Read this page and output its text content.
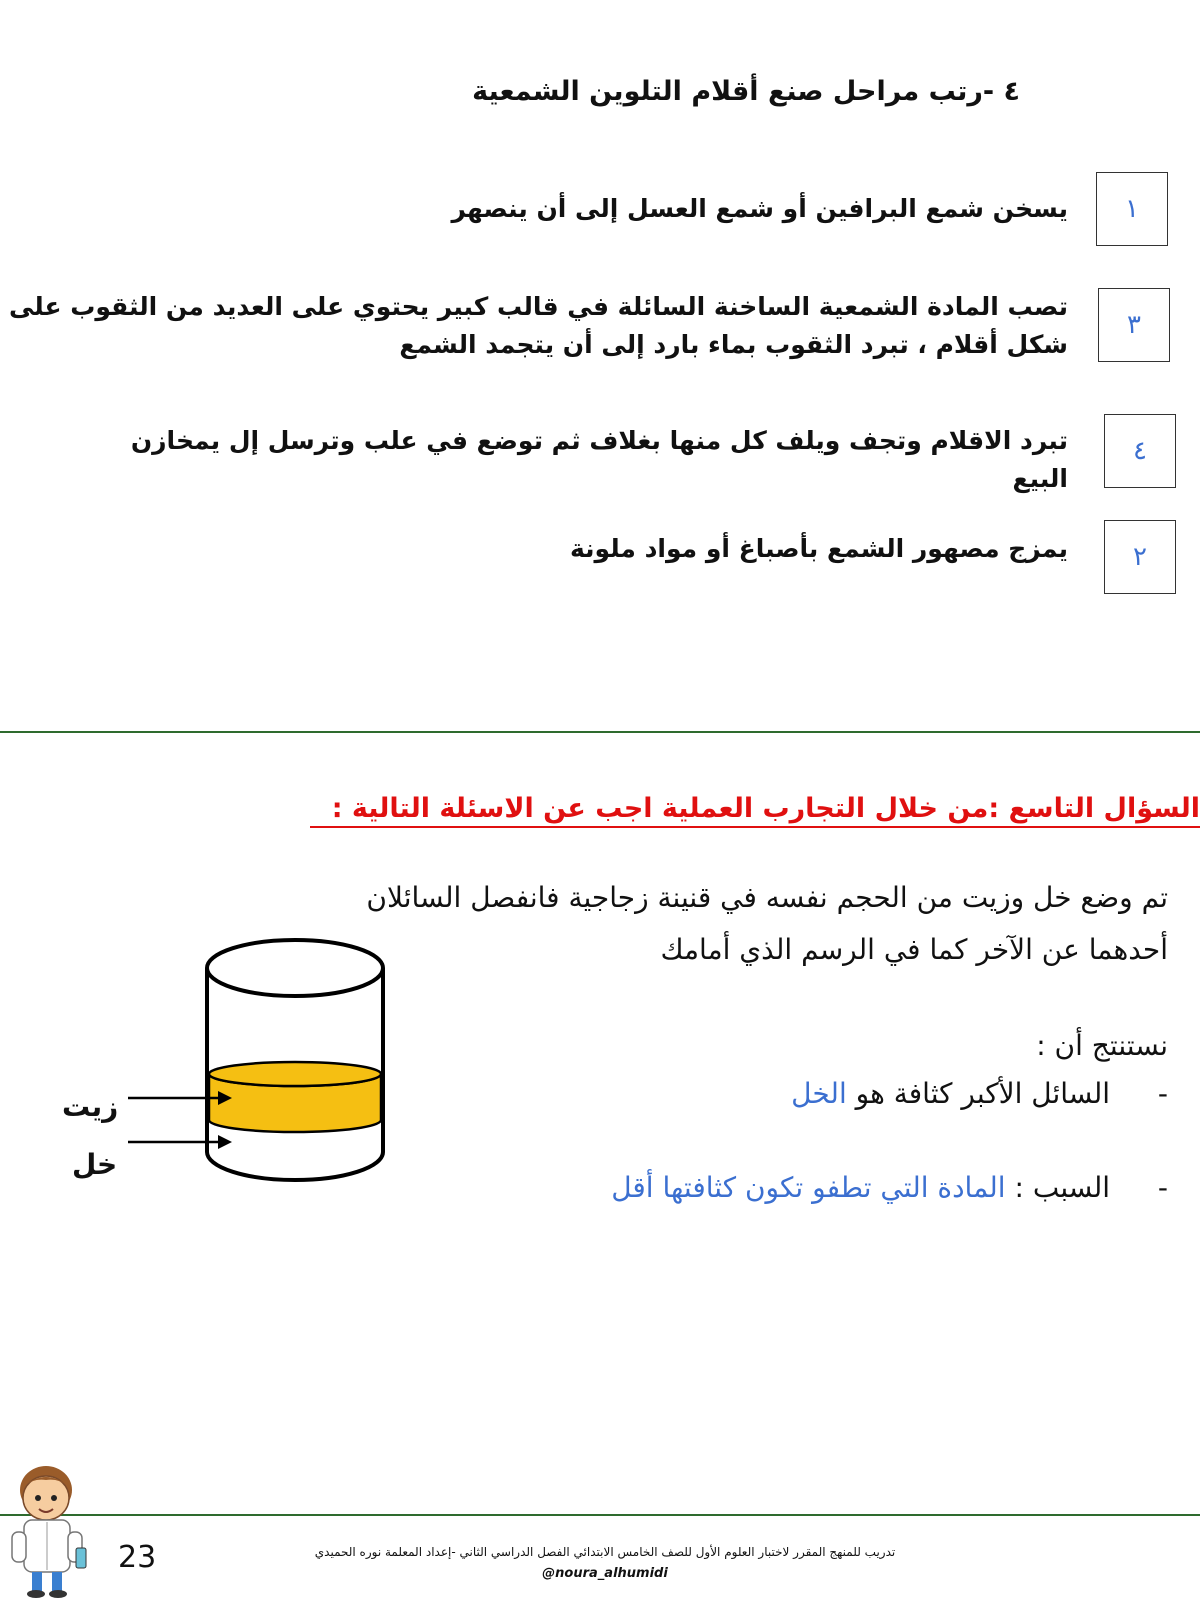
٤ -رتب مراحل صنع أقلام التلوين الشمعية
١
يسخن شمع البرافين أو شمع العسل إلى أن ينصهر
٣
تصب المادة الشمعية الساخنة السائلة في قالب كبير يحتوي على العديد من الثقوب على شكل أقلام ، تبرد الثقوب بماء بارد إلى أن يتجمد الشمع
٤
تبرد الاقلام وتجف ويلف كل منها بغلاف ثم توضع في علب وترسل إل يمخازن البيع
٢
يمزج مصهور الشمع بأصباغ أو مواد ملونة
السؤال التاسع :من خلال التجارب العملية اجب عن الاسئلة التالية :
تم وضع خل وزيت من الحجم نفسه في قنينة زجاجية فانفصل السائلان
أحدهما عن الآخر كما في الرسم الذي أمامك
نستنتج أن :
-  السائل الأكبر كثافة هو الخل
-  السبب : المادة التي تطفو تكون كثافتها أقل
زيت
خل
23	تدريب للمنهج المقرر لاختبار العلوم الأول للصف الخامس الابتدائي الفصل الدراسي الثاني -إعداد المعلمة نوره الحميدي
@noura_alhumidi
